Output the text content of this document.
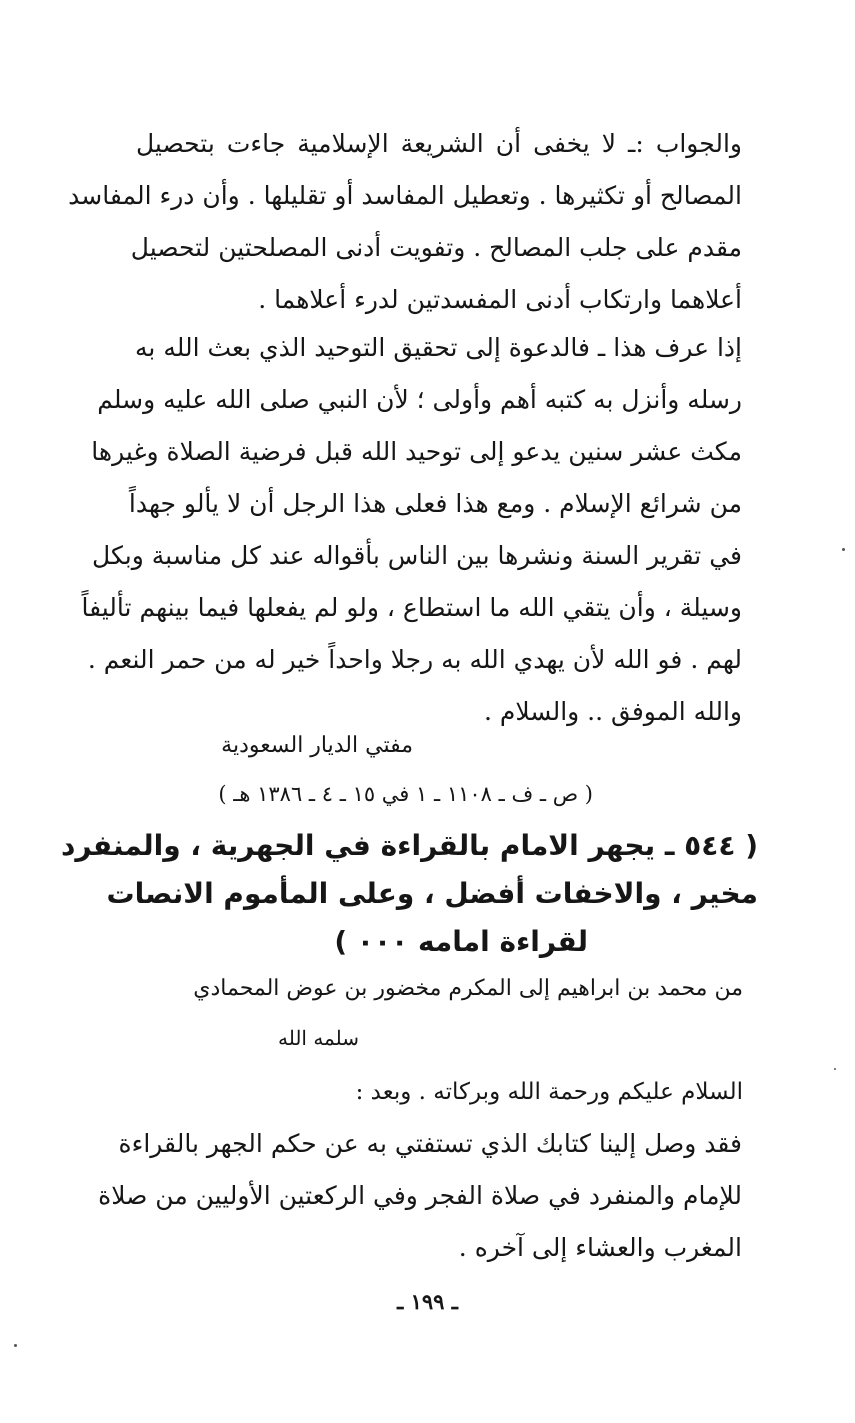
والجواب :ـ لا يخفى أن الشريعة الإسلامية جاءت بتحصيل
المصالح أو تكثيرها . وتعطيل المفاسد أو تقليلها . وأن درء المفاسد
مقدم على جلب المصالح . وتفويت أدنى المصلحتين لتحصيل
أعلاهما وارتكاب أدنى المفسدتين لدرء أعلاهما .
إذا عرف هذا ـ فالدعوة إلى تحقيق التوحيد الذي بعث الله به
رسله وأنزل به كتبه أهم وأولى ؛ لأن النبي صلى الله عليه وسلم
مكث عشر سنين يدعو إلى توحيد الله قبل فرضية الصلاة وغيرها
من شرائع الإسلام . ومع هذا فعلى هذا الرجل أن لا يألو جهداً
في تقرير السنة ونشرها بين الناس بأقواله عند كل مناسبة وبكل
وسيلة ، وأن يتقي الله ما استطاع ، ولو لم يفعلها فيما بينهم تأليفاً
لهم . فو الله لأن يهدي الله به رجلا واحداً خير له من حمر النعم .
والله الموفق .. والسلام .
مفتي الديار السعودية
( ص ـ ف ـ ١١٠٨ ـ ١ في ١٥ ـ ٤ ـ ١٣٨٦ هـ )
( ٥٤٤ ـ يجهر الامام بالقراءة في الجهرية ، والمنفرد
مخير ، والاخفات أفضل ، وعلى المأموم الانصات
لقراءة امامه ٠٠٠ )
من محمد بن ابراهيم إلى المكرم مخضور بن عوض المحمادي
سلمه الله
السلام عليكم ورحمة الله وبركاته . وبعد :
فقد وصل إلينا كتابك الذي تستفتي به عن حكم الجهر بالقراءة
للإمام والمنفرد في صلاة الفجر وفي الركعتين الأوليين من صلاة
المغرب والعشاء إلى آخره .
ـ ١٩٩ ـ
